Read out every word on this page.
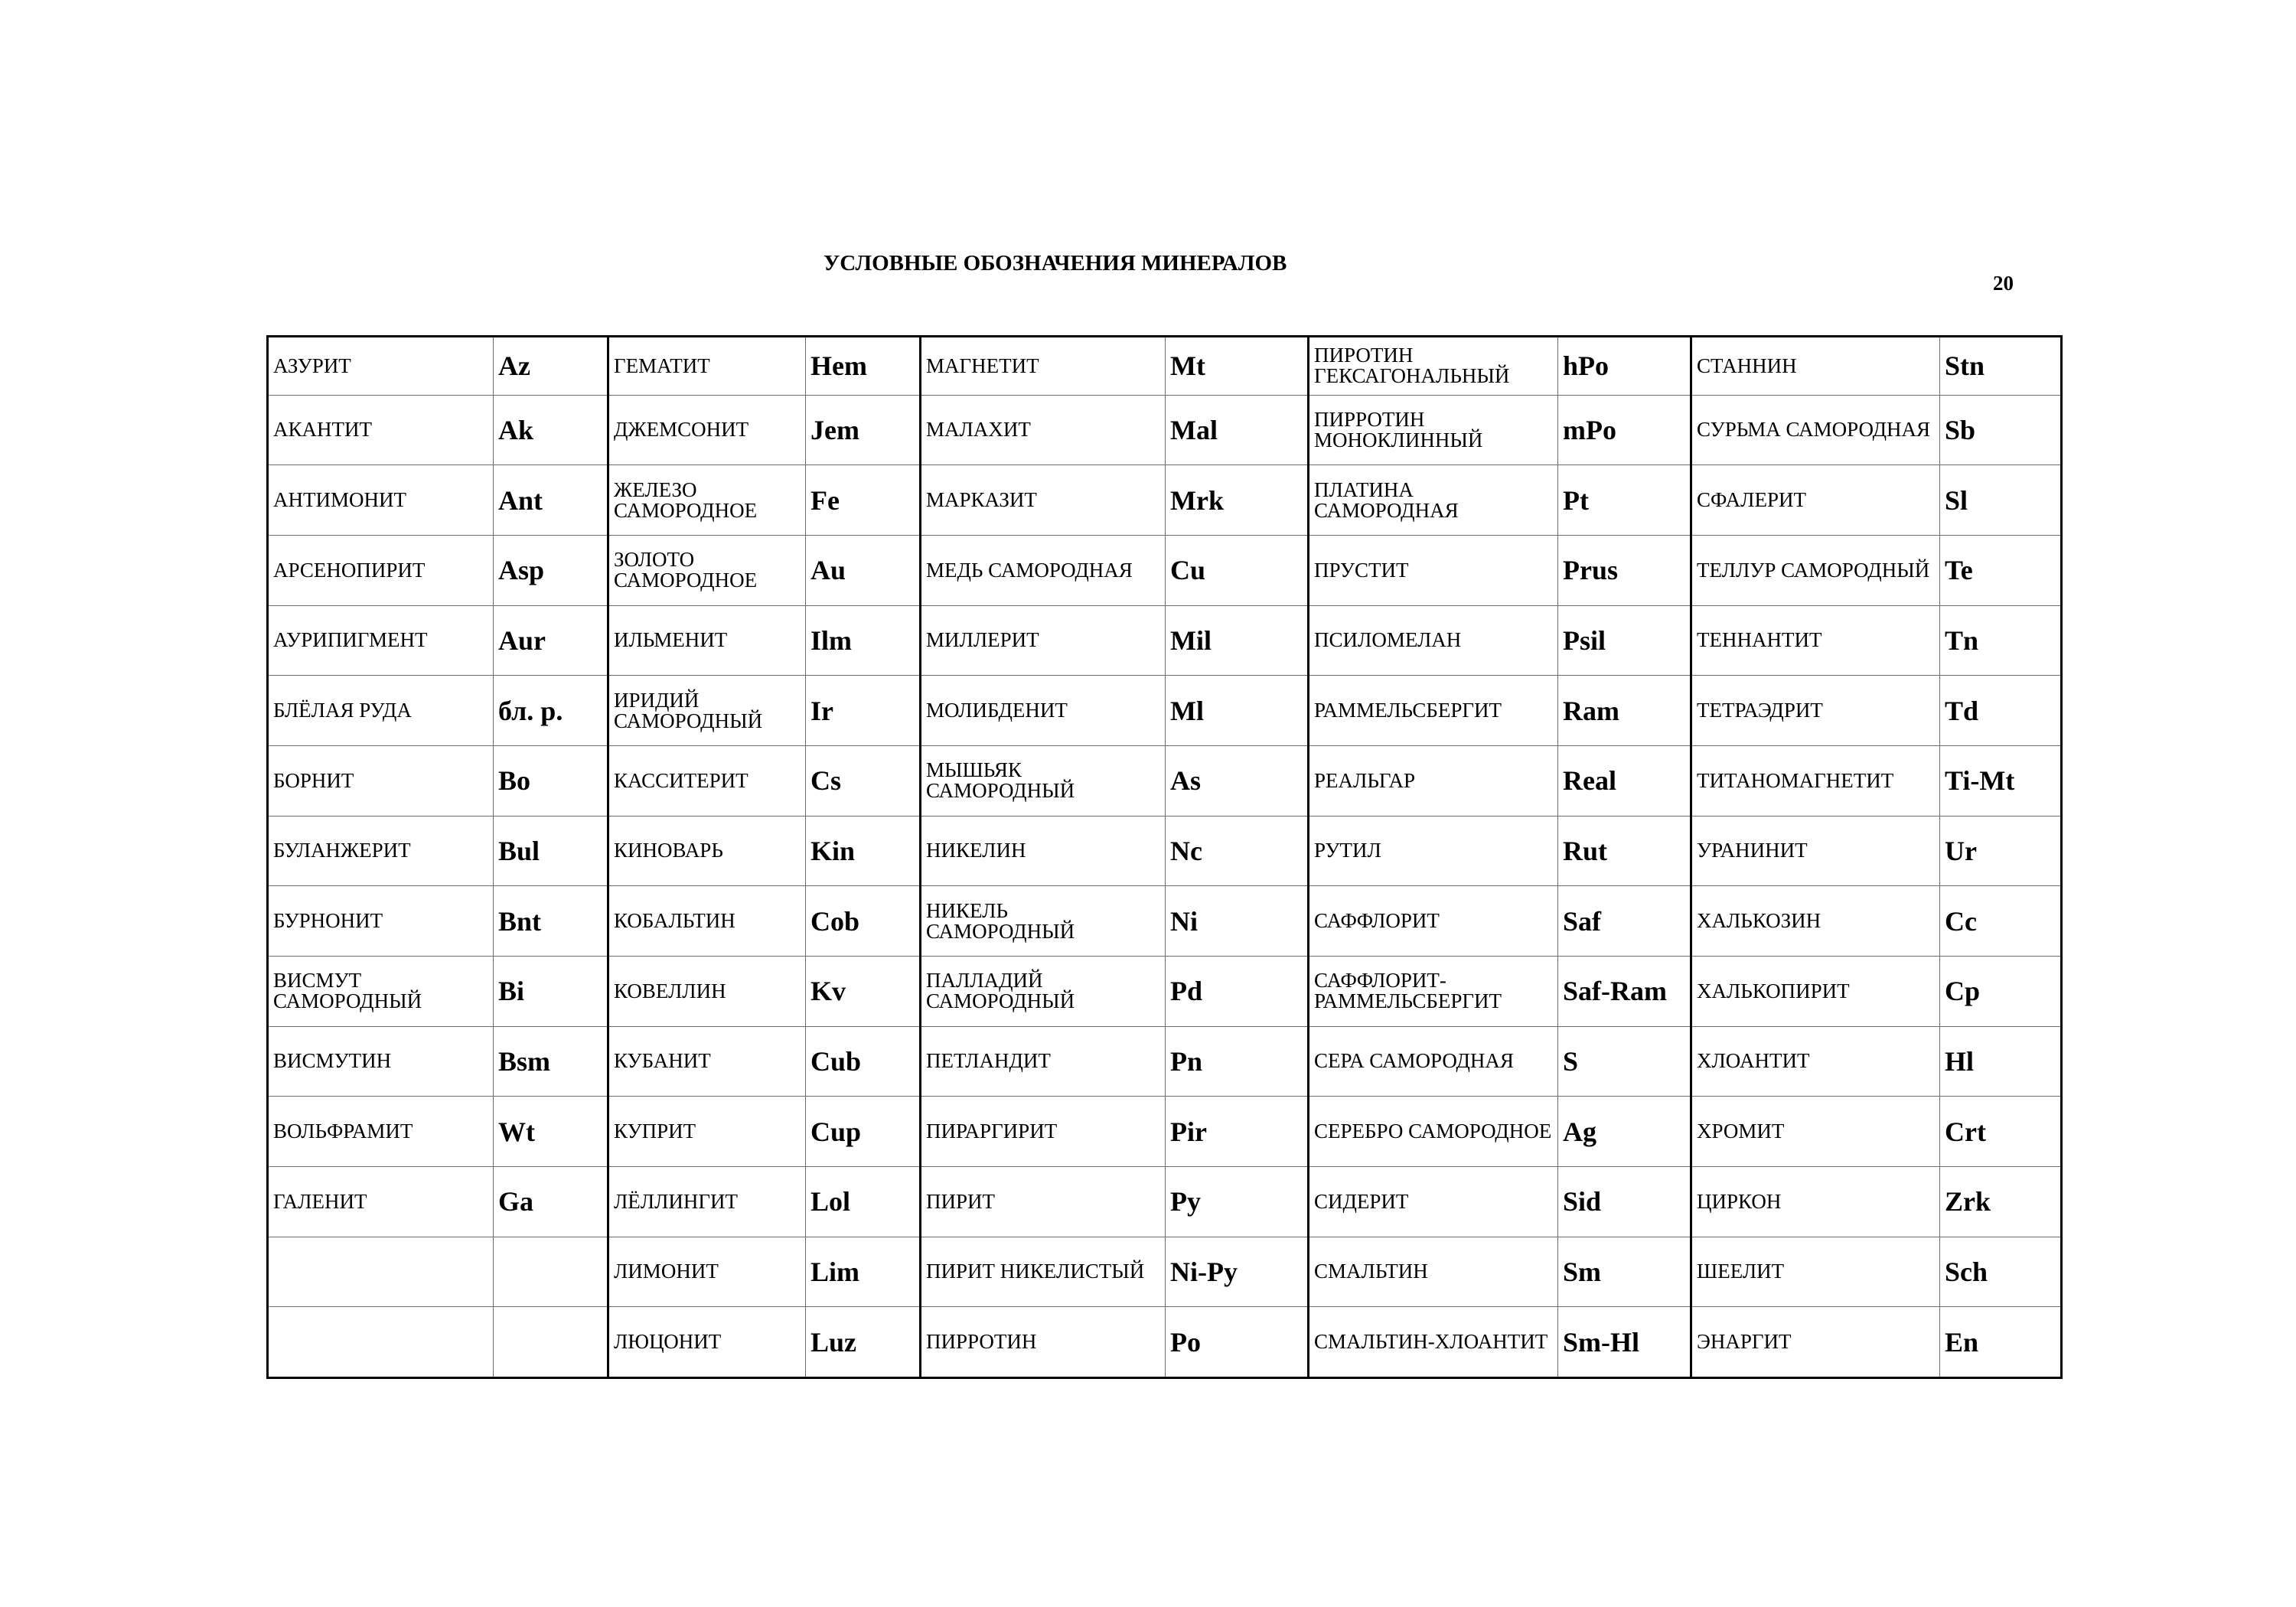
УСЛОВНЫЕ ОБОЗНАЧЕНИЯ МИНЕРАЛОВ
20
АЗУРИТ	Az	ГЕМАТИТ	Hem	МАГНЕТИТ	Mt	ПИРОТИН ГЕКСАГОНАЛЬНЫЙ	hPo	СТАННИН	Stn
АКАНТИТ	Ak	ДЖЕМСОНИТ	Jem	МАЛАХИТ	Mal	ПИРРОТИН МОНОКЛИННЫЙ	mPo	СУРЬМА САМОРОДНАЯ	Sb
АНТИМОНИТ	Ant	ЖЕЛЕЗО САМОРОДНОЕ	Fe	МАРКАЗИТ	Mrk	ПЛАТИНА САМОРОДНАЯ	Pt	СФАЛЕРИТ	Sl
АРСЕНОПИРИТ	Asp	ЗОЛОТО САМОРОДНОЕ	Au	МЕДЬ САМОРОДНАЯ	Cu	ПРУСТИТ	Prus	ТЕЛЛУР САМОРОДНЫЙ	Te
АУРИПИГМЕНТ	Aur	ИЛЬМЕНИТ	Ilm	МИЛЛЕРИТ	Mil	ПСИЛОМЕЛАН	Psil	ТЕННАНТИТ	Tn
БЛЁЛАЯ РУДА	бл. р.	ИРИДИЙ САМОРОДНЫЙ	Ir	МОЛИБДЕНИТ	Ml	РАММЕЛЬСБЕРГИТ	Ram	ТЕТРАЭДРИТ	Td
БОРНИТ	Bo	КАССИТЕРИТ	Cs	МЫШЬЯК САМОРОДНЫЙ	As	РЕАЛЬГАР	Real	ТИТАНОМАГНЕТИТ	Ti-Mt
БУЛАНЖЕРИТ	Bul	КИНОВАРЬ	Kin	НИКЕЛИН	Nc	РУТИЛ	Rut	УРАНИНИТ	Ur
БУРНОНИТ	Bnt	КОБАЛЬТИН	Cob	НИКЕЛЬ САМОРОДНЫЙ	Ni	САФФЛОРИТ	Saf	ХАЛЬКОЗИН	Cc
ВИСМУТ САМОРОДНЫЙ	Bi	КОВЕЛЛИН	Kv	ПАЛЛАДИЙ САМОРОДНЫЙ	Pd	САФФЛОРИТ-РАММЕЛЬСБЕРГИТ	Saf-Ram	ХАЛЬКОПИРИТ	Cp
ВИСМУТИН	Bsm	КУБАНИТ	Cub	ПЕТЛАНДИТ	Pn	СЕРА САМОРОДНАЯ	S	ХЛОАНТИТ	Hl
ВОЛЬФРАМИТ	Wt	КУПРИТ	Cup	ПИРАРГИРИТ	Pir	СЕРЕБРО САМОРОДНОЕ	Ag	ХРОМИТ	Crt
ГАЛЕНИТ	Ga	ЛЁЛЛИНГИТ	Lol	ПИРИТ	Py	СИДЕРИТ	Sid	ЦИРКОН	Zrk
		ЛИМОНИТ	Lim	ПИРИТ НИКЕЛИСТЫЙ	Ni-Py	СМАЛЬТИН	Sm	ШЕЕЛИТ	Sch
		ЛЮЦОНИТ	Luz	ПИРРОТИН	Po	СМАЛЬТИН-ХЛОАНТИТ	Sm-Hl	ЭНАРГИТ	En
